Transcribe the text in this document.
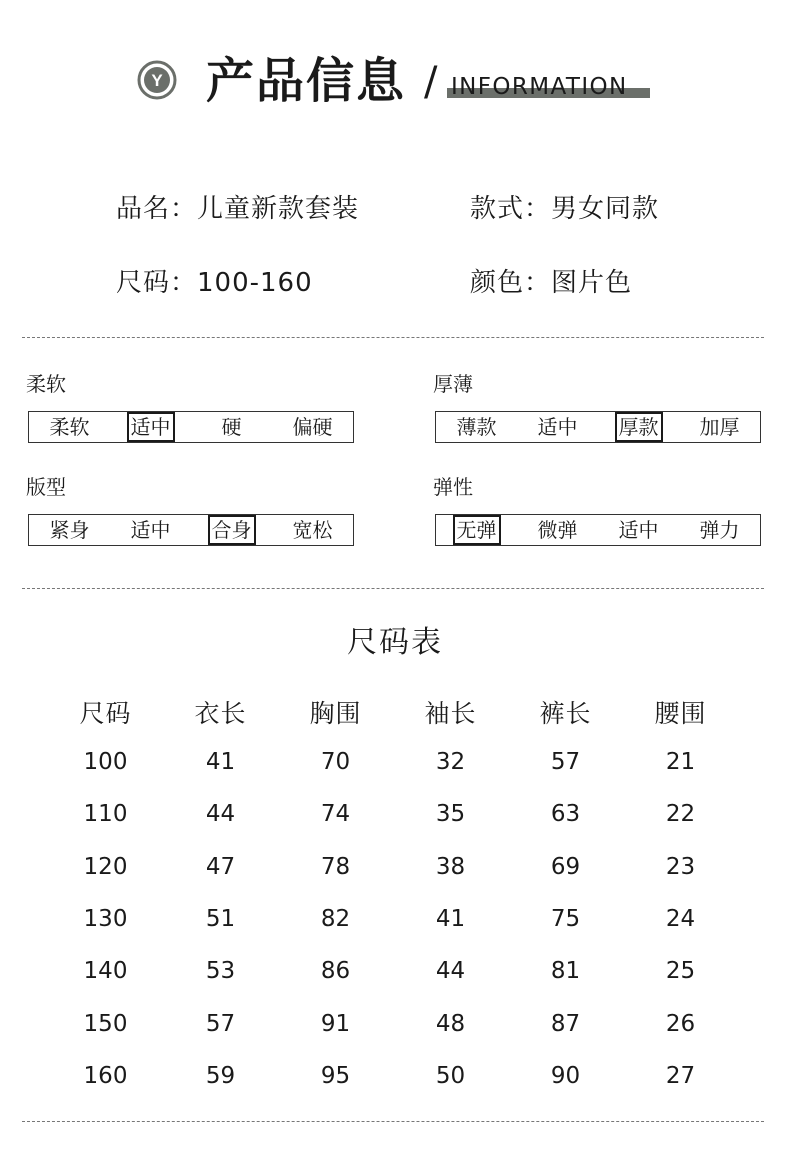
Y 产品信息 / INFORMATION
品名：儿童新款套装	款式：男女同款
尺码：100-160	颜色：图片色
柔软
柔软 适中	硬	偏硬
厚薄
薄款 适中 厚款 加厚
版型
紧身 适中 合身 宽松
弹性
无弹 微弹 适中 弹力
尺码表
尺码	衣长	胸围	袖长	裤长	腰围
100	41	70	32	57	21
110	44	74	35	63	22
120	47	78	38	69	23
130	51	82	41	75	24
140	53	86	44	81	25
150	57	91	48	87	26
160	59	95	50	90	27
